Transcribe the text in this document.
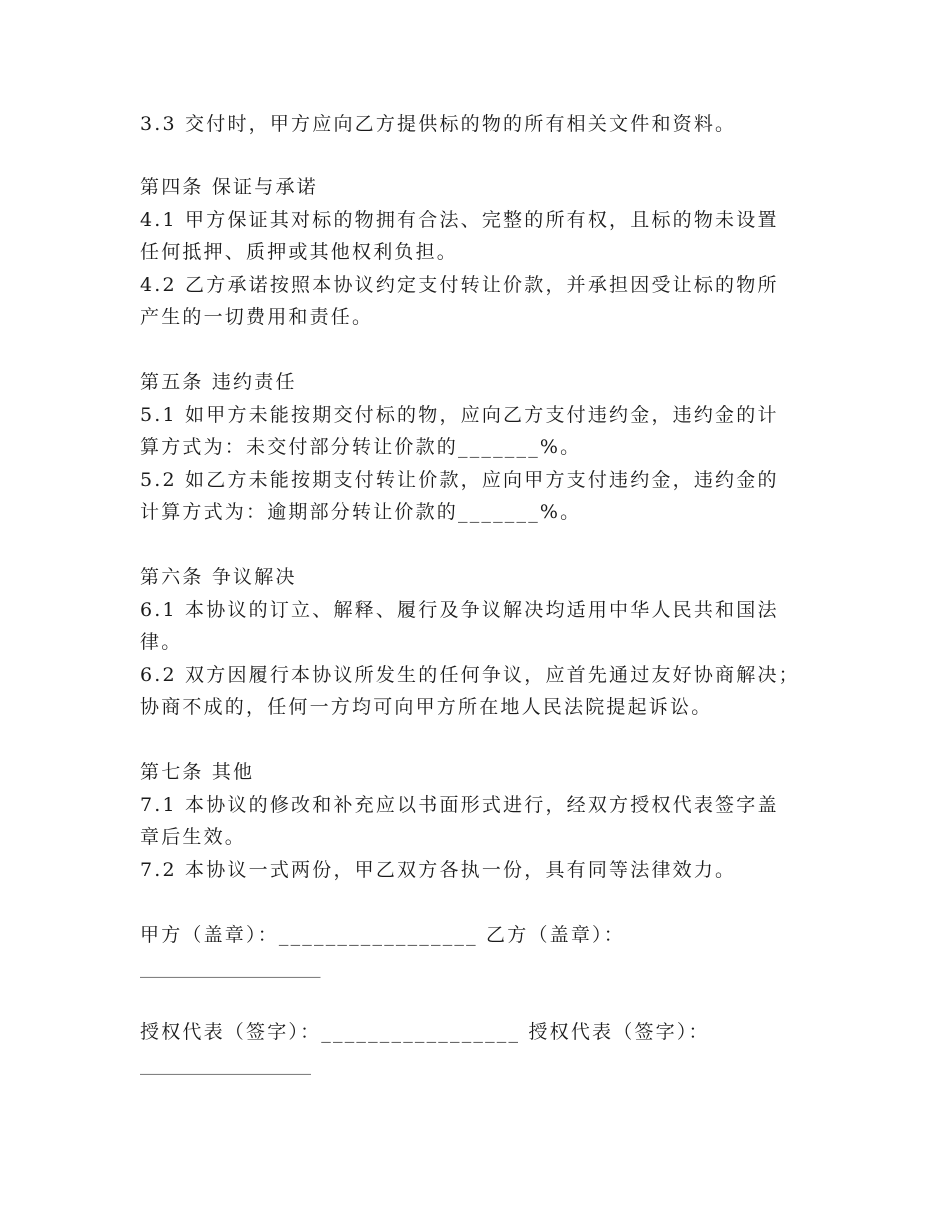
3.3 交付时，甲方应向乙方提供标的物的所有相关文件和资料。
第四条 保证与承诺
4.1 甲方保证其对标的物拥有合法、完整的所有权，且标的物未设置
任何抵押、质押或其他权利负担。
4.2 乙方承诺按照本协议约定支付转让价款，并承担因受让标的物所
产生的一切费用和责任。
第五条 违约责任
5.1 如甲方未能按期交付标的物，应向乙方支付违约金，违约金的计
算方式为：未交付部分转让价款的_______%。
5.2 如乙方未能按期支付转让价款，应向甲方支付违约金，违约金的
计算方式为：逾期部分转让价款的_______%。
第六条 争议解决
6.1 本协议的订立、解释、履行及争议解决均适用中华人民共和国法
律。
6.2 双方因履行本协议所发生的任何争议，应首先通过友好协商解决；
协商不成的，任何一方均可向甲方所在地人民法院提起诉讼。
第七条 其他
7.1 本协议的修改和补充应以书面形式进行，经双方授权代表签字盖
章后生效。
7.2 本协议一式两份，甲乙双方各执一份，具有同等法律效力。
甲方（盖章）：_________________ 乙方（盖章）：
___________________
授权代表（签字）：_________________ 授权代表（签字）：
__________________
